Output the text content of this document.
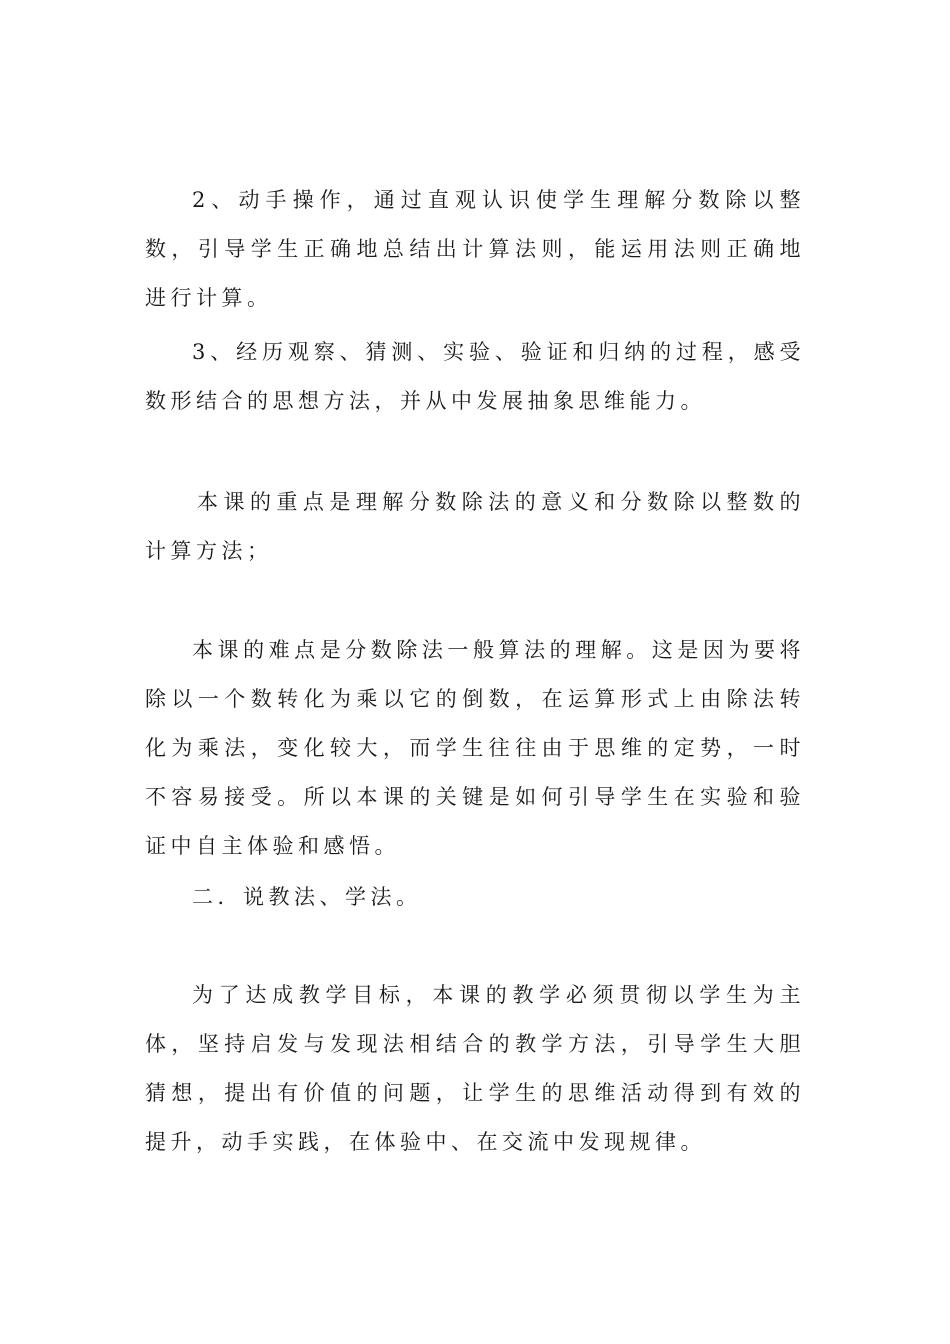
2、动手操作，通过直观认识使学生理解分数除以整数，引导学生正确地总结出计算法则，能运用法则正确地进行计算。

3、经历观察、猜测、实验、验证和归纳的过程，感受数形结合的思想方法，并从中发展抽象思维能力。

本课的重点是理解分数除法的意义和分数除以整数的计算方法；

本课的难点是分数除法一般算法的理解。这是因为要将除以一个数转化为乘以它的倒数，在运算形式上由除法转化为乘法，变化较大，而学生往往由于思维的定势，一时不容易接受。所以本课的关键是如何引导学生在实验和验证中自主体验和感悟。

二．说教法、学法。

为了达成教学目标，本课的教学必须贯彻以学生为主体，坚持启发与发现法相结合的教学方法，引导学生大胆猜想，提出有价值的问题，让学生的思维活动得到有效的提升，动手实践，在体验中、在交流中发现规律。
